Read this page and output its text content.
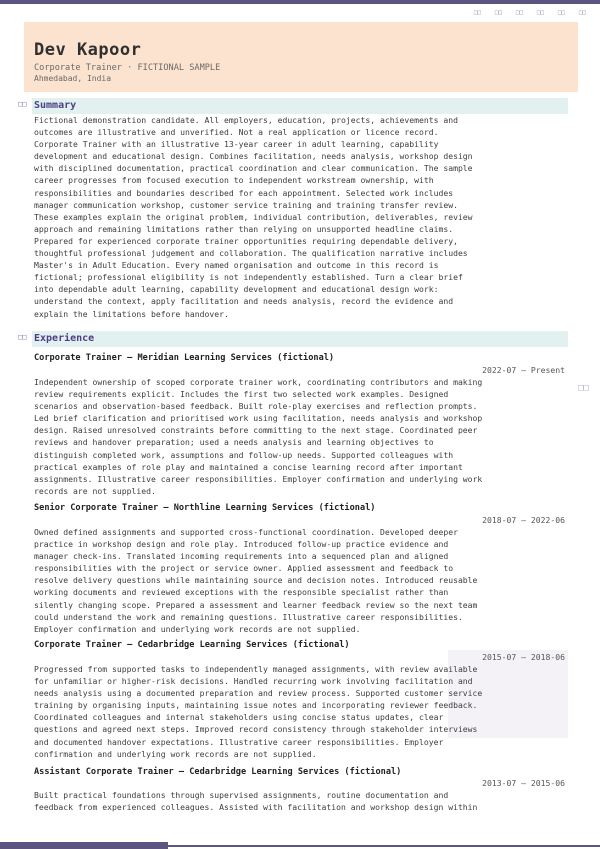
□□	□□	□□	□□	□□	□□
Dev Kapoor
Corporate Trainer · FICTIONAL SAMPLE
Ahmedabad, India
□□ Summary
Fictional demonstration candidate. All employers, education, projects, achievements and
outcomes are illustrative and unverified. Not a real application or licence record.
Corporate Trainer with an illustrative 13-year career in adult learning, capability
development and educational design. Combines facilitation, needs analysis, workshop design
with disciplined documentation, practical coordination and clear communication. The sample
career progresses from focused execution to independent workstream ownership, with
responsibilities and boundaries described for each appointment. Selected work includes
manager communication workshop, customer service training and training transfer review.
These examples explain the original problem, individual contribution, deliverables, review
approach and remaining limitations rather than relying on unsupported headline claims.
Prepared for experienced corporate trainer opportunities requiring dependable delivery,
thoughtful professional judgement and collaboration. The qualification narrative includes
Master's in Adult Education. Every named organisation and outcome in this record is
fictional; professional eligibility is not independently established. Turn a clear brief
into dependable adult learning, capability development and educational design work:
understand the context, apply facilitation and needs analysis, record the evidence and
explain the limitations before handover.
□□ Experience
□□
Corporate Trainer – Meridian Learning Services (fictional)
2022-07 – Present
Independent ownership of scoped corporate trainer work, coordinating contributors and making
review requirements explicit. Includes the first two selected work examples. Designed
scenarios and observation-based feedback. Built role-play exercises and reflection prompts.
Led brief clarification and prioritised work using facilitation, needs analysis and workshop
design. Raised unresolved constraints before committing to the next stage. Coordinated peer
reviews and handover preparation; used a needs analysis and learning objectives to
distinguish completed work, assumptions and follow-up needs. Supported colleagues with
practical examples of role play and maintained a concise learning record after important
assignments. Illustrative career responsibilities. Employer confirmation and underlying work
records are not supplied.
Senior Corporate Trainer – Northline Learning Services (fictional)
2018-07 – 2022-06
Owned defined assignments and supported cross-functional coordination. Developed deeper
practice in workshop design and role play. Introduced follow-up practice evidence and
manager check-ins. Translated incoming requirements into a sequenced plan and aligned
responsibilities with the project or service owner. Applied assessment and feedback to
resolve delivery questions while maintaining source and decision notes. Introduced reusable
working documents and reviewed exceptions with the responsible specialist rather than
silently changing scope. Prepared a assessment and learner feedback review so the next team
could understand the work and remaining questions. Illustrative career responsibilities.
Employer confirmation and underlying work records are not supplied.
Corporate Trainer – Cedarbridge Learning Services (fictional)
2015-07 – 2018-06
Progressed from supported tasks to independently managed assignments, with review available
for unfamiliar or higher-risk decisions. Handled recurring work involving facilitation and
needs analysis using a documented preparation and review process. Supported customer service
training by organising inputs, maintaining issue notes and incorporating reviewer feedback.
Coordinated colleagues and internal stakeholders using concise status updates, clear
questions and agreed next steps. Improved record consistency through stakeholder interviews
and documented handover expectations. Illustrative career responsibilities. Employer
confirmation and underlying work records are not supplied.
Assistant Corporate Trainer – Cedarbridge Learning Services (fictional)
2013-07 – 2015-06
Built practical foundations through supervised assignments, routine documentation and
feedback from experienced colleagues. Assisted with facilitation and workshop design within
